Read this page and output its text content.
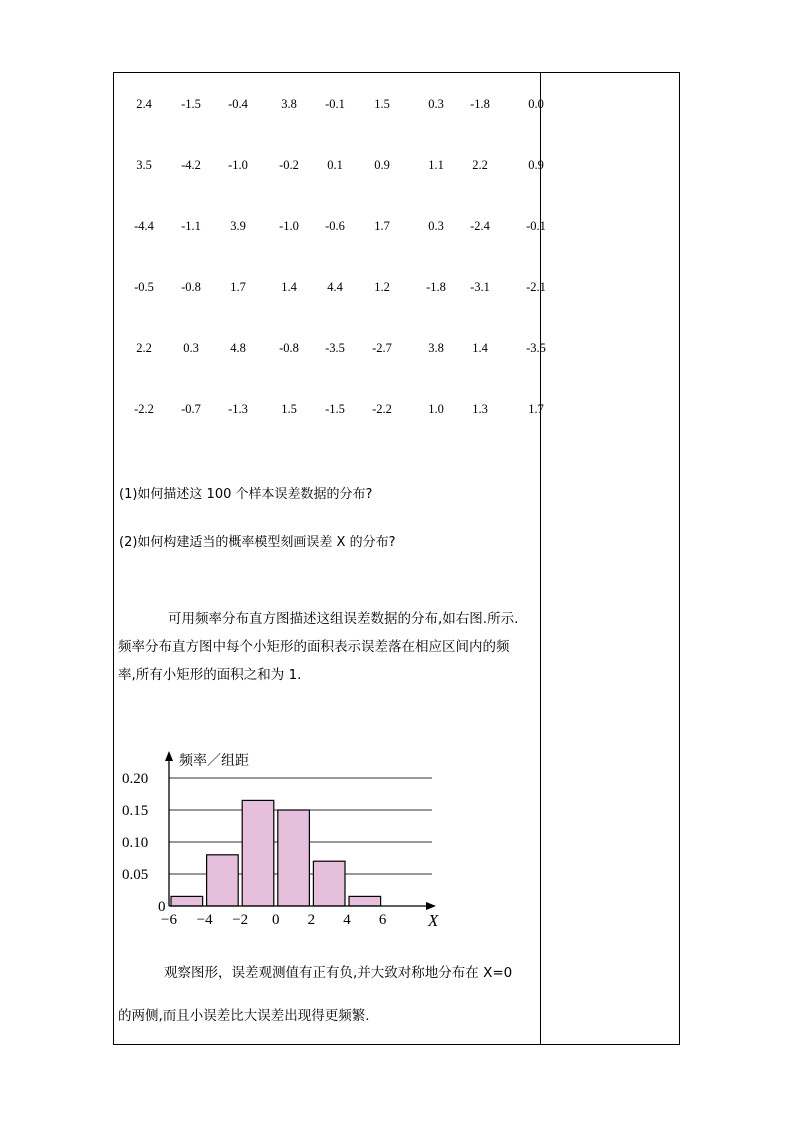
2.4 -1.5 -0.4	3.8 -0.1 1.5	0.3 -1.8	0.0
3.5 -4.2 -1.0 -0.2 0.1	0.9	1.1 2.2	0.9
-4.4 -1.1 3.9	-1.0 -0.6 1.7	0.3 -2.4	-0.1
-0.5 -0.8 1.7	1.4 4.4	1.2	-1.8 -3.1	-2.1
2.2	0.3	4.8	-0.8 -3.5 -2.7	3.8 1.4	-3.5
-2.2 -0.7 -1.3	1.5 -1.5 -2.2	1.0 1.3	1.7
(1)如何描述这 100 个样本误差数据的分布?
(2)如何构建适当的概率模型刻画误差 X 的分布?
可用频率分布直方图描述这组误差数据的分布,如右图.所示.
频率分布直方图中每个小矩形的面积表示误差落在相应区间内的频
率,所有小矩形的面积之和为 1.
0
0.05
0.10
0.15
0.20
−6 −4 −2 0 2 4 6
频率／组距
X
观察图形，误差观测值有正有负,并大致对称地分布在 X=0
的两侧,而且小误差比大误差出现得更频繁.
